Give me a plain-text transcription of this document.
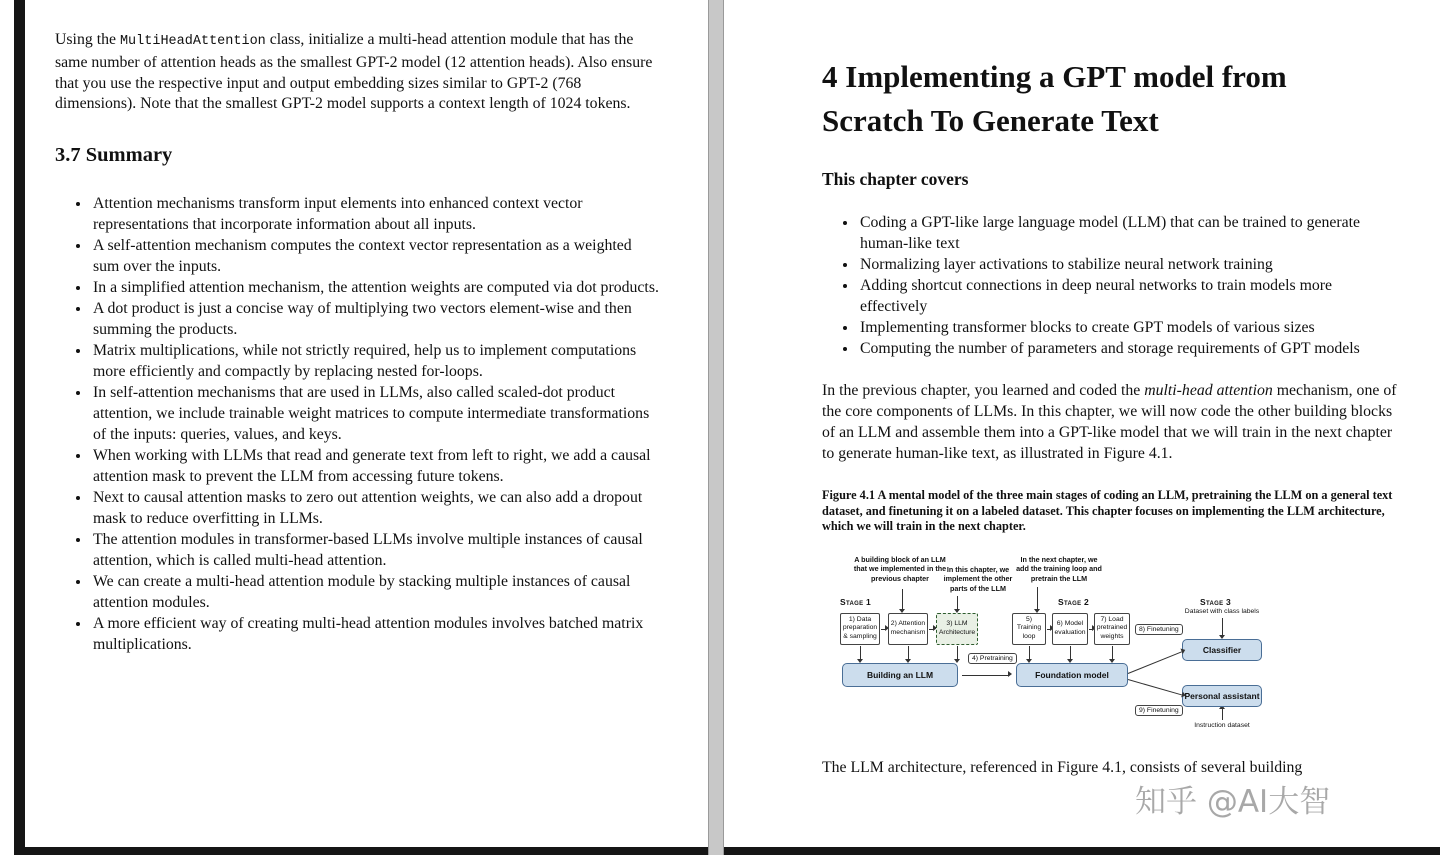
Using the MultiHeadAttention class, initialize a multi-head attention module that has the same number of attention heads as the smallest GPT-2 model (12 attention heads). Also ensure that you use the respective input and output embedding sizes similar to GPT-2 (768 dimensions). Note that the smallest GPT-2 model supports a context length of 1024 tokens.

3.7 Summary
• Attention mechanisms transform input elements into enhanced context vector representations that incorporate information about all inputs.
• A self-attention mechanism computes the context vector representation as a weighted sum over the inputs.
• In a simplified attention mechanism, the attention weights are computed via dot products.
• A dot product is just a concise way of multiplying two vectors element-wise and then summing the products.
• Matrix multiplications, while not strictly required, help us to implement computations more efficiently and compactly by replacing nested for-loops.
• In self-attention mechanisms that are used in LLMs, also called scaled-dot product attention, we include trainable weight matrices to compute intermediate transformations of the inputs: queries, values, and keys.
• When working with LLMs that read and generate text from left to right, we add a causal attention mask to prevent the LLM from accessing future tokens.
• Next to causal attention masks to zero out attention weights, we can also add a dropout mask to reduce overfitting in LLMs.
• The attention modules in transformer-based LLMs involve multiple instances of causal attention, which is called multi-head attention.
• We can create a multi-head attention module by stacking multiple instances of causal attention modules.
• A more efficient way of creating multi-head attention modules involves batched matrix multiplications.
4 Implementing a GPT model from
Scratch To Generate Text
This chapter covers
• Coding a GPT-like large language model (LLM) that can be trained to generate human-like text
• Normalizing layer activations to stabilize neural network training
• Adding shortcut connections in deep neural networks to train models more effectively
• Implementing transformer blocks to create GPT models of various sizes
• Computing the number of parameters and storage requirements of GPT models

In the previous chapter, you learned and coded the multi-head attention mechanism, one of the core components of LLMs. In this chapter, we will now code the other building blocks of an LLM and assemble them into a GPT-like model that we will train in the next chapter to generate human-like text, as illustrated in Figure 4.1.

Figure 4.1 A mental model of the three main stages of coding an LLM, pretraining the LLM on a general text dataset, and finetuning it on a labeled dataset. This chapter focuses on implementing the LLM architecture, which we will train in the next chapter.

A building block of an LLM that we implemented in the previous chapter
In this chapter, we implement the other parts of the LLM
In the next chapter, we add the training loop and pretrain the LLM
Stage 1	Stage 2	Stage 3
1) Data preparation & sampling
2) Attention mechanism
3) LLM Architecture
Building an LLM
4) Pretraining
5) Training loop
6) Model evaluation
7) Load pretrained weights
Foundation model
Dataset with class labels
8) Finetuning
Classifier
Personal assistant
9) Finetuning
Instruction dataset

The LLM architecture, referenced in Figure 4.1, consists of several building

知乎 @AI大智
